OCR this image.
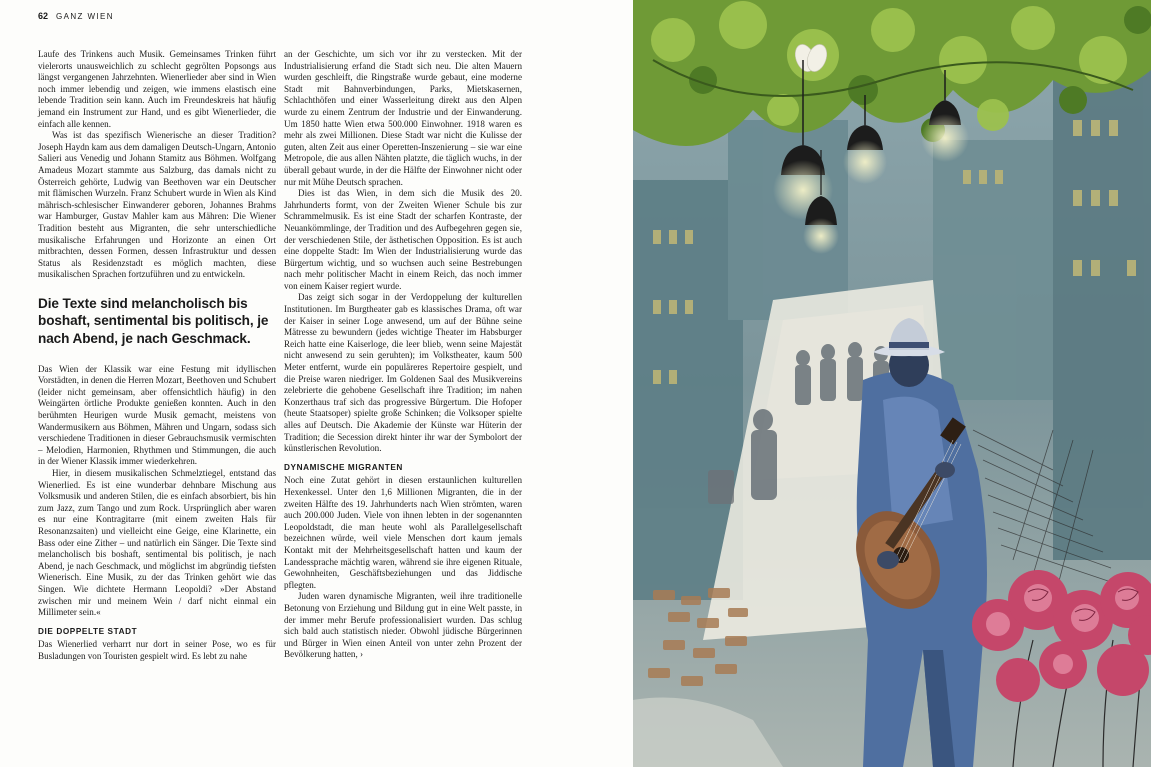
62 GANZ WIEN

Laufe des Trinkens auch Musik. Gemeinsames Trinken führt vielerorts unausweichlich zu schlecht gegrölten Popsongs aus längst vergangenen Jahrzehnten. Wienerlieder aber sind in Wien noch immer lebendig und zeigen, wie immens elastisch eine lebende Tradition sein kann. Auch im Freundeskreis hat häufig jemand ein Instrument zur Hand, und es gibt Wienerlieder, die einfach alle kennen.

Was ist das spezifisch Wienerische an dieser Tradition? Joseph Haydn kam aus dem damaligen Deutsch-Ungarn, Antonio Salieri aus Venedig und Johann Stamitz aus Böhmen. Wolfgang Amadeus Mozart stammte aus Salzburg, das damals nicht zu Österreich gehörte, Ludwig van Beethoven war ein Deutscher mit flämischen Wurzeln. Franz Schubert wurde in Wien als Kind mährisch-schlesischer Einwanderer geboren, Johannes Brahms war Hamburger, Gustav Mahler kam aus Mähren: Die Wiener Tradition besteht aus Migranten, die sehr unterschiedliche musikalische Erfahrungen und Horizonte an einen Ort mitbrachten, dessen Formen, dessen Infrastruktur und dessen Status als Residenzstadt es möglich machten, diese musikalischen Sprachen fortzuführen und zu entwickeln.

Die Texte sind melancholisch bis boshaft, sentimental bis politisch, je nach Abend, je nach Geschmack.

Das Wien der Klassik war eine Festung mit idyllischen Vorstädten, in denen die Herren Mozart, Beethoven und Schubert (leider nicht gemeinsam, aber offensichtlich häufig) in den Weingärten örtliche Produkte genießen konnten. Auch in den berühmten Heurigen wurde Musik gemacht, meistens von Wandermusikern aus Böhmen, Mähren und Ungarn, sodass sich verschiedene Traditionen in dieser Gebrauchsmusik vermischten – Melodien, Harmonien, Rhythmen und Stimmungen, die auch in der Wiener Klassik immer wiederkehren.

Hier, in diesem musikalischen Schmelztiegel, entstand das Wienerlied. Es ist eine wunderbar dehnbare Mischung aus Volksmusik und anderen Stilen, die es einfach absorbiert, bis hin zum Jazz, zum Tango und zum Rock. Ursprünglich aber waren es nur eine Kontragitarre (mit einem zweiten Hals für Resonanzsaiten) und vielleicht eine Geige, eine Klarinette, ein Bass oder eine Zither – und natürlich ein Sänger. Die Texte sind melancholisch bis boshaft, sentimental bis politisch, je nach Abend, je nach Geschmack, und möglichst im abgründig tiefsten Wienerisch. Eine Musik, zu der das Trinken gehört wie das Singen. Wie dichtete Hermann Leopoldi? »Der Abstand zwischen mir und meinem Wein / darf nicht einmal ein Millimeter sein.«

DIE DOPPELTE STADT

Das Wienerlied verharrt nur dort in seiner Pose, wo es für Busladungen von Touristen gespielt wird. Es lebt zu nahe

an der Geschichte, um sich vor ihr zu verstecken. Mit der Industrialisierung erfand die Stadt sich neu. Die alten Mauern wurden geschleift, die Ringstraße wurde gebaut, eine moderne Stadt mit Bahnverbindungen, Parks, Mietskasernen, Schlachthöfen und einer Wasserleitung direkt aus den Alpen wurde zu einem Zentrum der Industrie und der Einwanderung. Um 1850 hatte Wien etwa 500.000 Einwohner. 1918 waren es mehr als zwei Millionen. Diese Stadt war nicht die Kulisse der guten, alten Zeit aus einer Operetten-Inszenierung – sie war eine Metropole, die aus allen Nähten platzte, die täglich wuchs, in der überall gebaut wurde, in der die Hälfte der Einwohner nicht oder nur mit Mühe Deutsch sprachen.

Dies ist das Wien, in dem sich die Musik des 20. Jahrhunderts formt, von der Zweiten Wiener Schule bis zur Schrammelmusik. Es ist eine Stadt der scharfen Kontraste, der Neuankömmlinge, der Tradition und des Aufbegehren gegen sie, der verschiedenen Stile, der ästhetischen Opposition. Es ist auch eine doppelte Stadt: Im Wien der Industrialisierung wurde das Bürgertum wichtig, und so wuchsen auch seine Bestrebungen nach mehr politischer Macht in einem Reich, das noch immer von einem Kaiser regiert wurde.

Das zeigt sich sogar in der Verdoppelung der kulturellen Institutionen. Im Burgtheater gab es klassisches Drama, oft war der Kaiser in seiner Loge anwesend, um auf der Bühne seine Mätresse zu bewundern (jedes wichtige Theater im Habsburger Reich hatte eine Kaiserloge, die leer blieb, wenn seine Majestät nicht anwesend zu sein geruhten); im Volkstheater, kaum 500 Meter entfernt, wurde ein populäreres Repertoire gespielt, und die Preise waren niedriger. Im Goldenen Saal des Musikvereins zelebrierte die gehobene Gesellschaft ihre Tradition; im nahen Konzerthaus traf sich das progressive Bürgertum. Die Hofoper (heute Staatsoper) spielte große Schinken; die Volksoper spielte alles auf Deutsch. Die Akademie der Künste war Hüterin der Tradition; die Secession direkt hinter ihr war der Symbolort der künstlerischen Revolution.

DYNAMISCHE MIGRANTEN

Noch eine Zutat gehört in diesen erstaunlichen kulturellen Hexenkessel. Unter den 1,6 Millionen Migranten, die in der zweiten Hälfte des 19. Jahrhunderts nach Wien strömten, waren auch 200.000 Juden. Viele von ihnen lebten in der sogenannten Leopoldstadt, die man heute wohl als Parallelgesellschaft bezeichnen würde, weil viele Menschen dort kaum jemals Kontakt mit der Mehrheitsgesellschaft hatten und kaum der Landessprache mächtig waren, während sie ihre eigenen Rituale, Gewohnheiten, Geschäftsbeziehungen und das Jiddische pflegten.

Juden waren dynamische Migranten, weil ihre traditionelle Betonung von Erziehung und Bildung gut in eine Welt passte, in der immer mehr Berufe professionalisiert wurden. Das schlug sich bald auch statistisch nieder. Obwohl jüdische Bürgerinnen und Bürger in Wien einen Anteil von unter zehn Prozent der Bevölkerung hatten, ›
